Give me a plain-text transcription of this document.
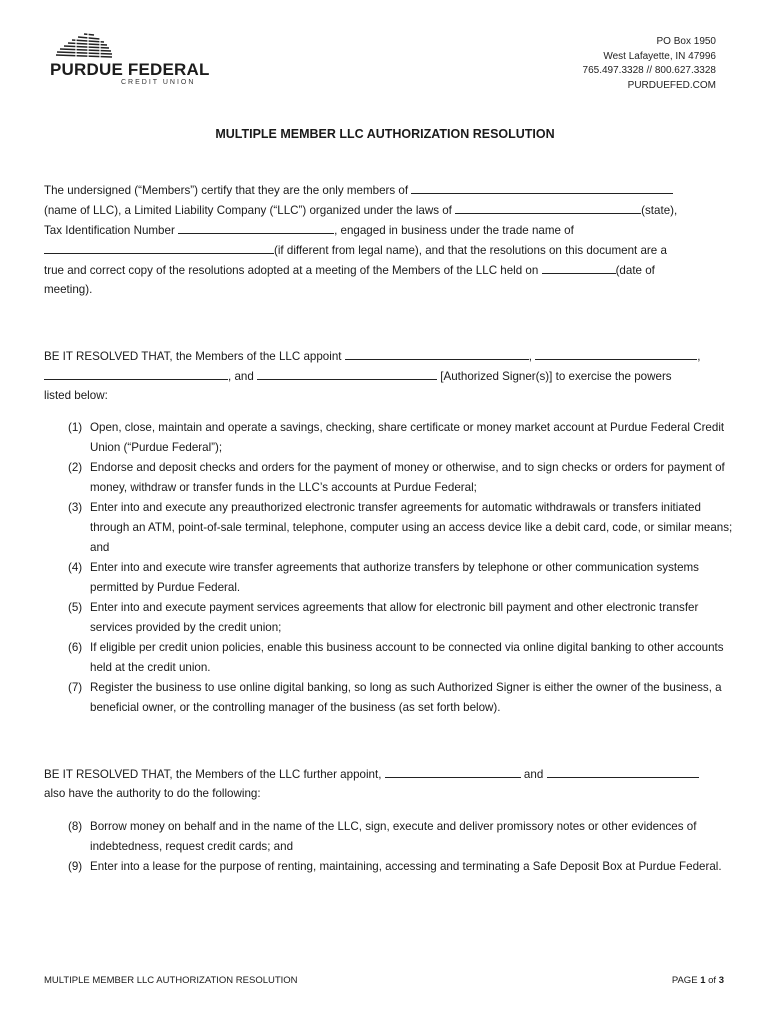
PURDUE FEDERAL
CREDIT UNION
PO Box 1950
West Lafayette, IN 47996
765.497.3328 // 800.627.3328
PURDUEFED.COM
MULTIPLE MEMBER LLC AUTHORIZATION RESOLUTION
The undersigned (“Members”) certify that they are the only members of
(name of LLC), a Limited Liability Company (“LLC”) organized under the laws of	(state),
Tax Identification Number	, engaged in business under the trade name of
(if different from legal name), and that the resolutions on this document are a
true and correct copy of the resolutions adopted at a meeting of the Members of the LLC held on	(date of
meeting).
BE IT RESOLVED THAT, the Members of the LLC appoint	,	,
, and	[Authorized Signer(s)] to exercise the powers
listed below:
(1) Open, close, maintain and operate a savings, checking, share certificate or money market account at Purdue Federal Credit Union (“Purdue Federal”);
(2) Endorse and deposit checks and orders for the payment of money or otherwise, and to sign checks or orders for payment of money, withdraw or transfer funds in the LLC’s accounts at Purdue Federal;
(3) Enter into and execute any preauthorized electronic transfer agreements for automatic withdrawals or transfers initiated through an ATM, point-of-sale terminal, telephone, computer using an access device like a debit card, code, or similar means; and
(4) Enter into and execute wire transfer agreements that authorize transfers by telephone or other communication systems permitted by Purdue Federal.
(5) Enter into and execute payment services agreements that allow for electronic bill payment and other electronic transfer services provided by the credit union;
(6) If eligible per credit union policies, enable this business account to be connected via online digital banking to other accounts held at the credit union.
(7) Register the business to use online digital banking, so long as such Authorized Signer is either the owner of the business, a beneficial owner, or the controlling manager of the business (as set forth below).
BE IT RESOLVED THAT, the Members of the LLC further appoint,	and
also have the authority to do the following:
(8) Borrow money on behalf and in the name of the LLC, sign, execute and deliver promissory notes or other evidences of indebtedness, request credit cards; and
(9) Enter into a lease for the purpose of renting, maintaining, accessing and terminating a Safe Deposit Box at Purdue Federal.
MULTIPLE MEMBER LLC AUTHORIZATION RESOLUTION	PAGE 1 of 3
